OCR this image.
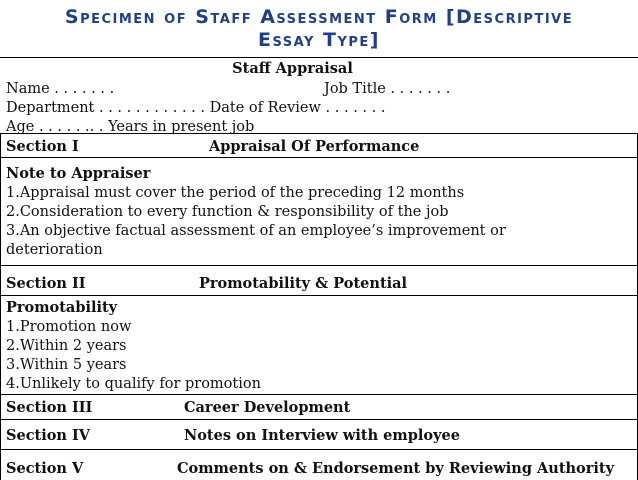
Specimen of Staff Assessment Form [Descriptive
Essay Type]
Staff Appraisal
Name . . . . . . .	Job Title . . . . . . .
Department . . . . . . . . . . . . Date of Review . . . . . . .
Age . . . . . .. . Years in present job
Section I	Appraisal Of Performance
Note to Appraiser
1.Appraisal must cover the period of the preceding 12 months
2.Consideration to every function & responsibility of the job
3.An objective factual assessment of an employee’s improvement or
deterioration
Section II	Promotability & Potential
Promotability
1.Promotion now
2.Within 2 years
3.Within 5 years
4.Unlikely to qualify for promotion
Section III	Career Development
Section IV	Notes on Interview with employee
Section V	Comments on & Endorsement by Reviewing Authority
